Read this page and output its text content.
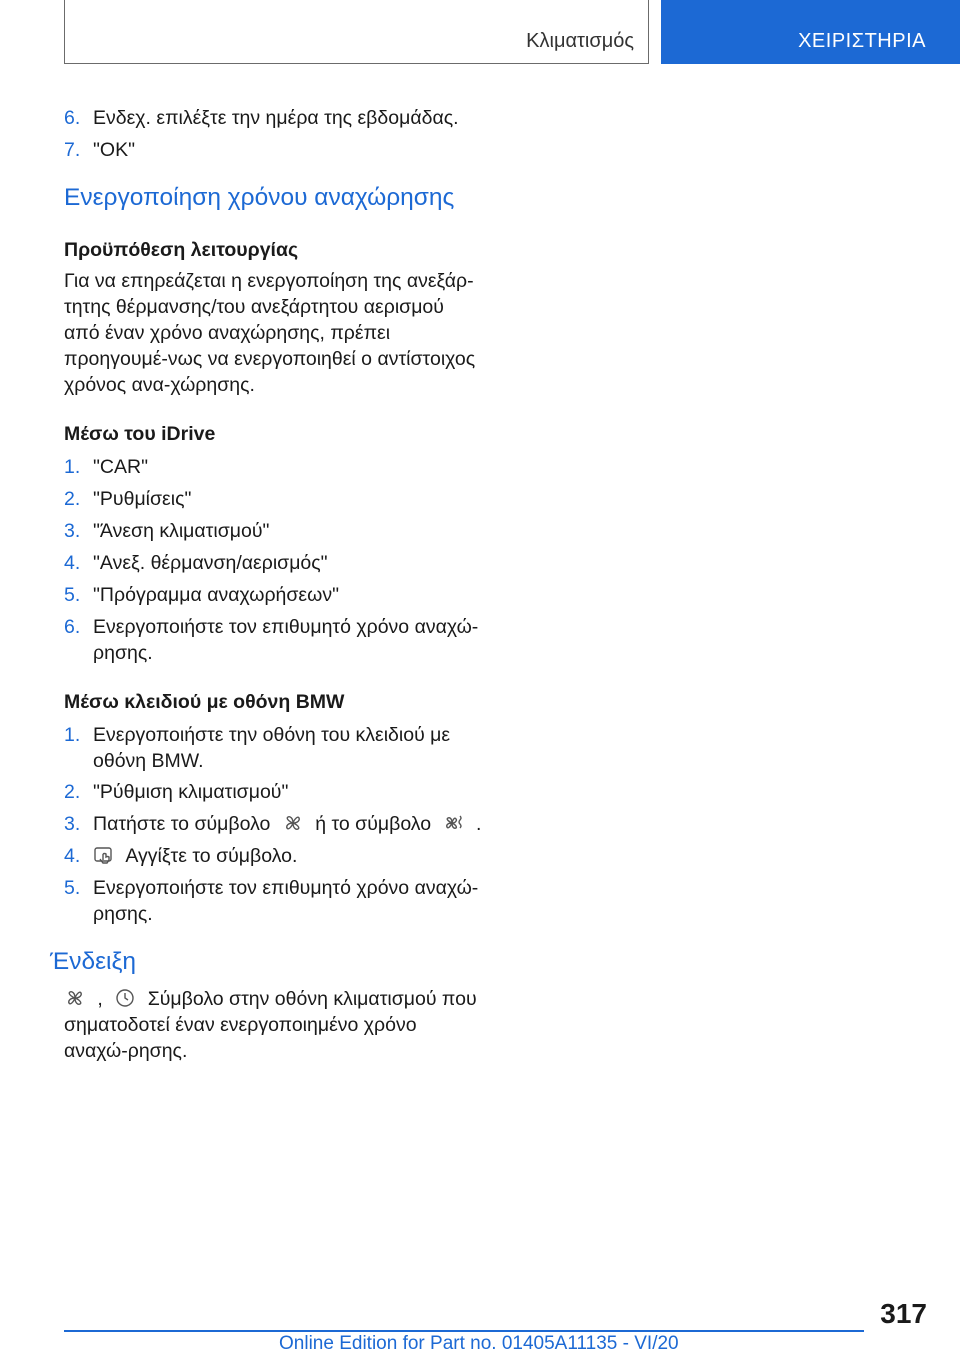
Κλιματισμός	ΧΕΙΡΙΣΤΗΡΙΑ
6. Ενδεχ. επιλέξτε την ημέρα της εβδομάδας.
7. "OK"
Ενεργοποίηση χρόνου αναχώρησης
Προϋπόθεση λειτουργίας
Για να επηρεάζεται η ενεργοποίηση της ανεξάρ-τητης θέρμανσης/του ανεξάρτητου αερισμού από έναν χρόνο αναχώρησης, πρέπει προηγουμέ-νως να ενεργοποιηθεί ο αντίστοιχος χρόνος ανα-χώρησης.
Μέσω του iDrive
1. "CAR"
2. "Ρυθμίσεις"
3. "Άνεση κλιματισμού"
4. "Ανεξ. θέρμανση/αερισμός"
5. "Πρόγραμμα αναχωρήσεων"
6. Ενεργοποιήστε τον επιθυμητό χρόνο αναχώ-ρησης.
Μέσω κλειδιού με οθόνη BMW
1. Ενεργοποιήστε την οθόνη του κλειδιού με οθόνη BMW.
2. "Ρύθμιση κλιματισμού"
3. Πατήστε το σύμβολο ή το σύμβολο .
4.	Αγγίξτε το σύμβολο.
5. Ενεργοποιήστε τον επιθυμητό χρόνο αναχώ-ρησης.
Ένδειξη
, Σύμβολο στην οθόνη κλιματισμού που
σηματοδοτεί έναν ενεργοποιημένο χρόνο αναχώ-ρησης.
317
Online Edition for Part no. 01405A11135 - VI/20
